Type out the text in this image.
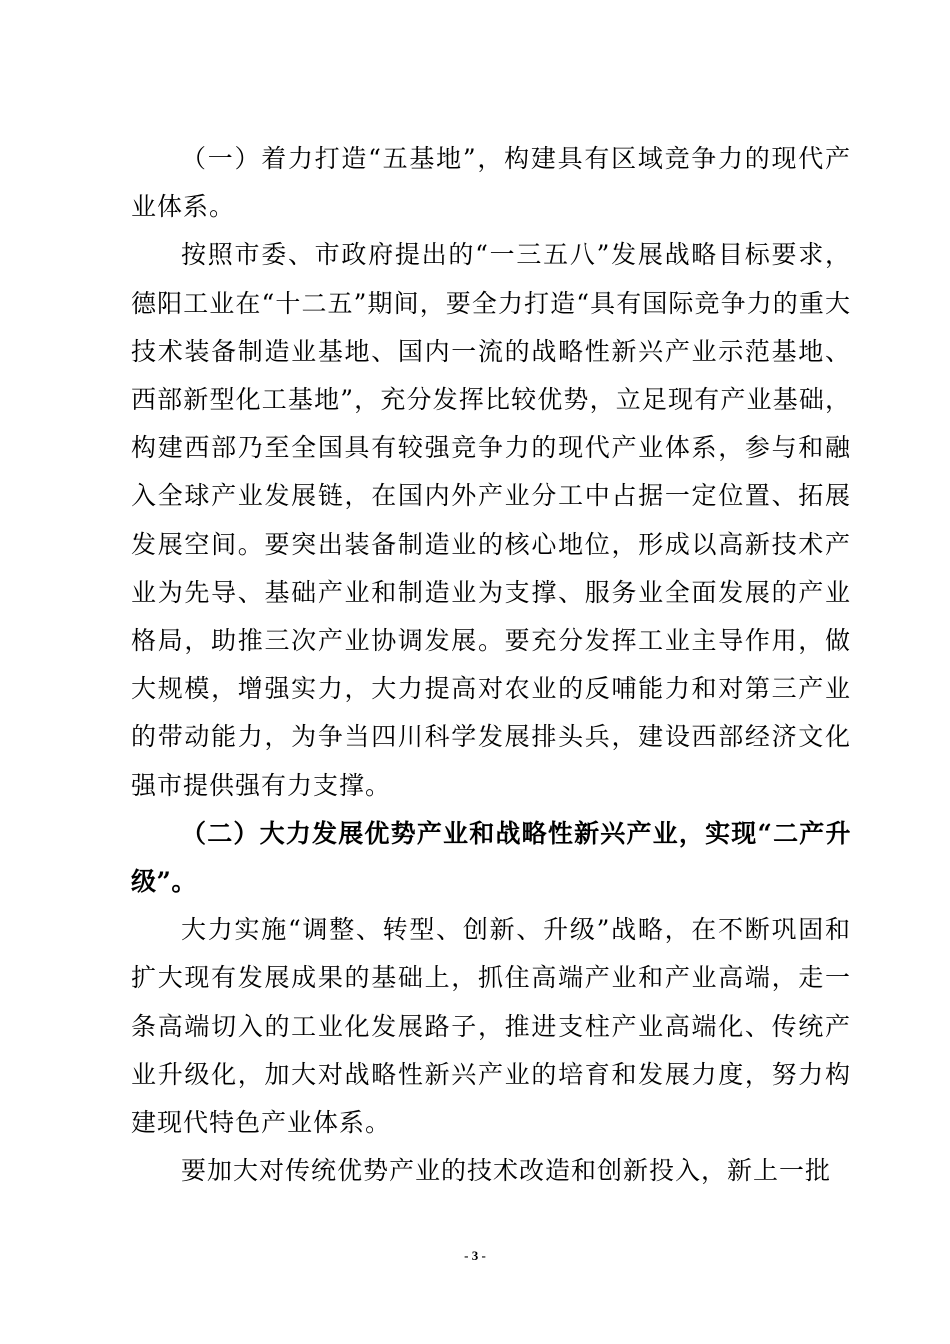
（一）着力打造“五基地”，构建具有区域竞争力的现代产业体系。

按照市委、市政府提出的“一三五八”发展战略目标要求，德阳工业在“十二五”期间，要全力打造“具有国际竞争力的重大技术装备制造业基地、国内一流的战略性新兴产业示范基地、西部新型化工基地”，充分发挥比较优势，立足现有产业基础，构建西部乃至全国具有较强竞争力的现代产业体系，参与和融入全球产业发展链，在国内外产业分工中占据一定位置、拓展发展空间。要突出装备制造业的核心地位，形成以高新技术产业为先导、基础产业和制造业为支撑、服务业全面发展的产业格局，助推三次产业协调发展。要充分发挥工业主导作用，做大规模，增强实力，大力提高对农业的反哺能力和对第三产业的带动能力，为争当四川科学发展排头兵，建设西部经济文化强市提供强有力支撑。

（二）大力发展优势产业和战略性新兴产业，实现“二产升级”。

大力实施“调整、转型、创新、升级”战略，在不断巩固和扩大现有发展成果的基础上，抓住高端产业和产业高端，走一条高端切入的工业化发展路子，推进支柱产业高端化、传统产业升级化，加大对战略性新兴产业的培育和发展力度，努力构建现代特色产业体系。

要加大对传统优势产业的技术改造和创新投入，新上一批

- 3 -
